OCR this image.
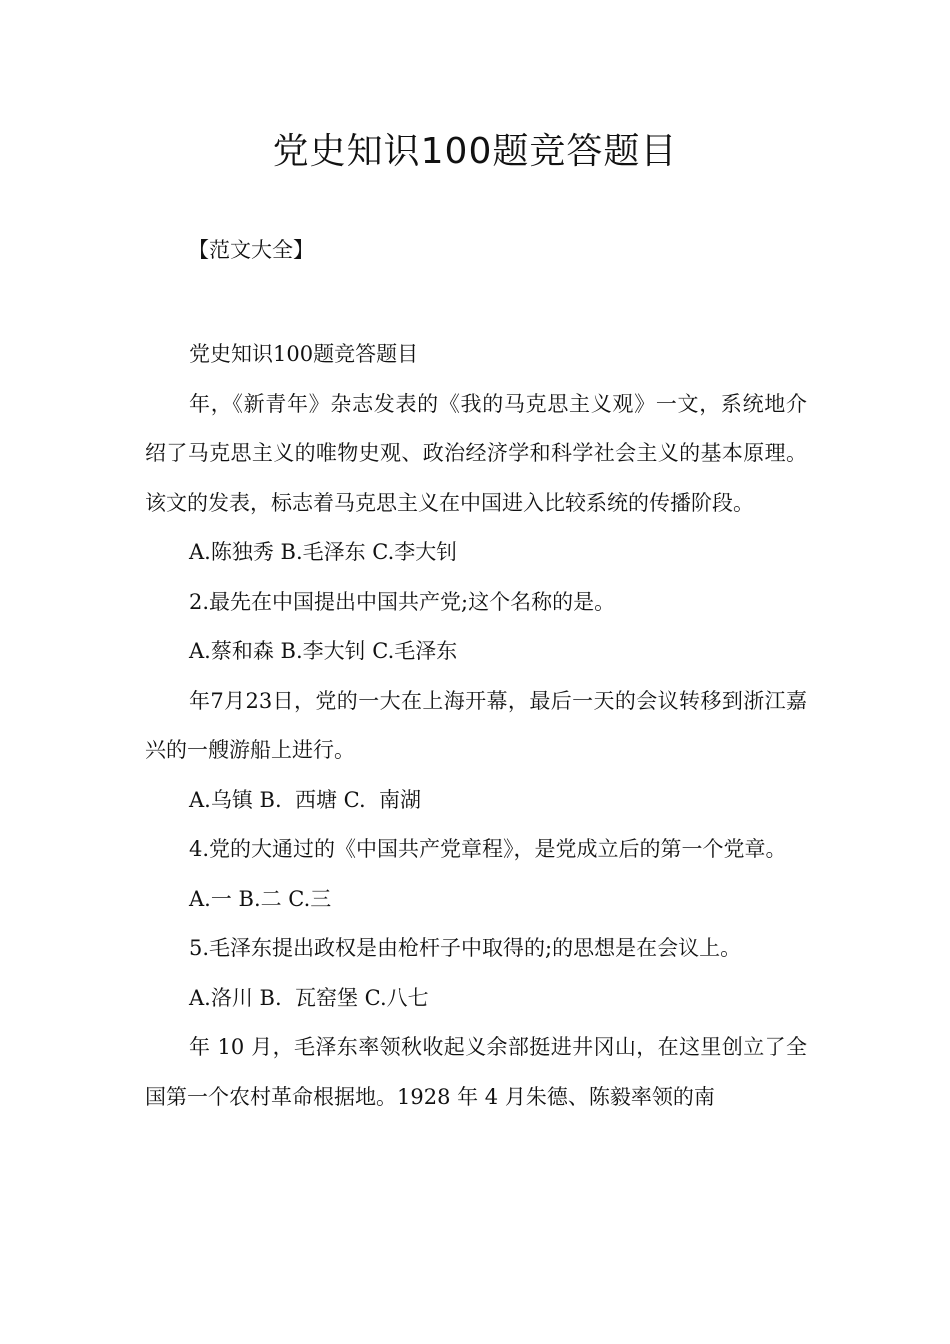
党史知识100题竞答题目
【范文大全】

党史知识100题竞答题目

年，《新青年》杂志发表的《我的马克思主义观》一文，系统地介绍了马克思主义的唯物史观、政治经济学和科学社会主义的基本原理。该文的发表，标志着马克思主义在中国进入比较系统的传播阶段。

A.陈独秀 B.毛泽东 C.李大钊

2.最先在中国提出中国共产党;这个名称的是。

A.蔡和森 B.李大钊 C.毛泽东

年7月23日，党的一大在上海开幕，最后一天的会议转移到浙江嘉兴的一艘游船上进行。

A.乌镇 B.  西塘 C.  南湖

4.党的大通过的《中国共产党章程》，是党成立后的第一个党章。

A.一 B.二 C.三

5.毛泽东提出政权是由枪杆子中取得的;的思想是在会议上。

A.洛川 B.  瓦窑堡 C.八七

年 10 月，毛泽东率领秋收起义余部挺进井冈山，在这里创立了全国第一个农村革命根据地。1928 年 4 月朱德、陈毅率领的南
